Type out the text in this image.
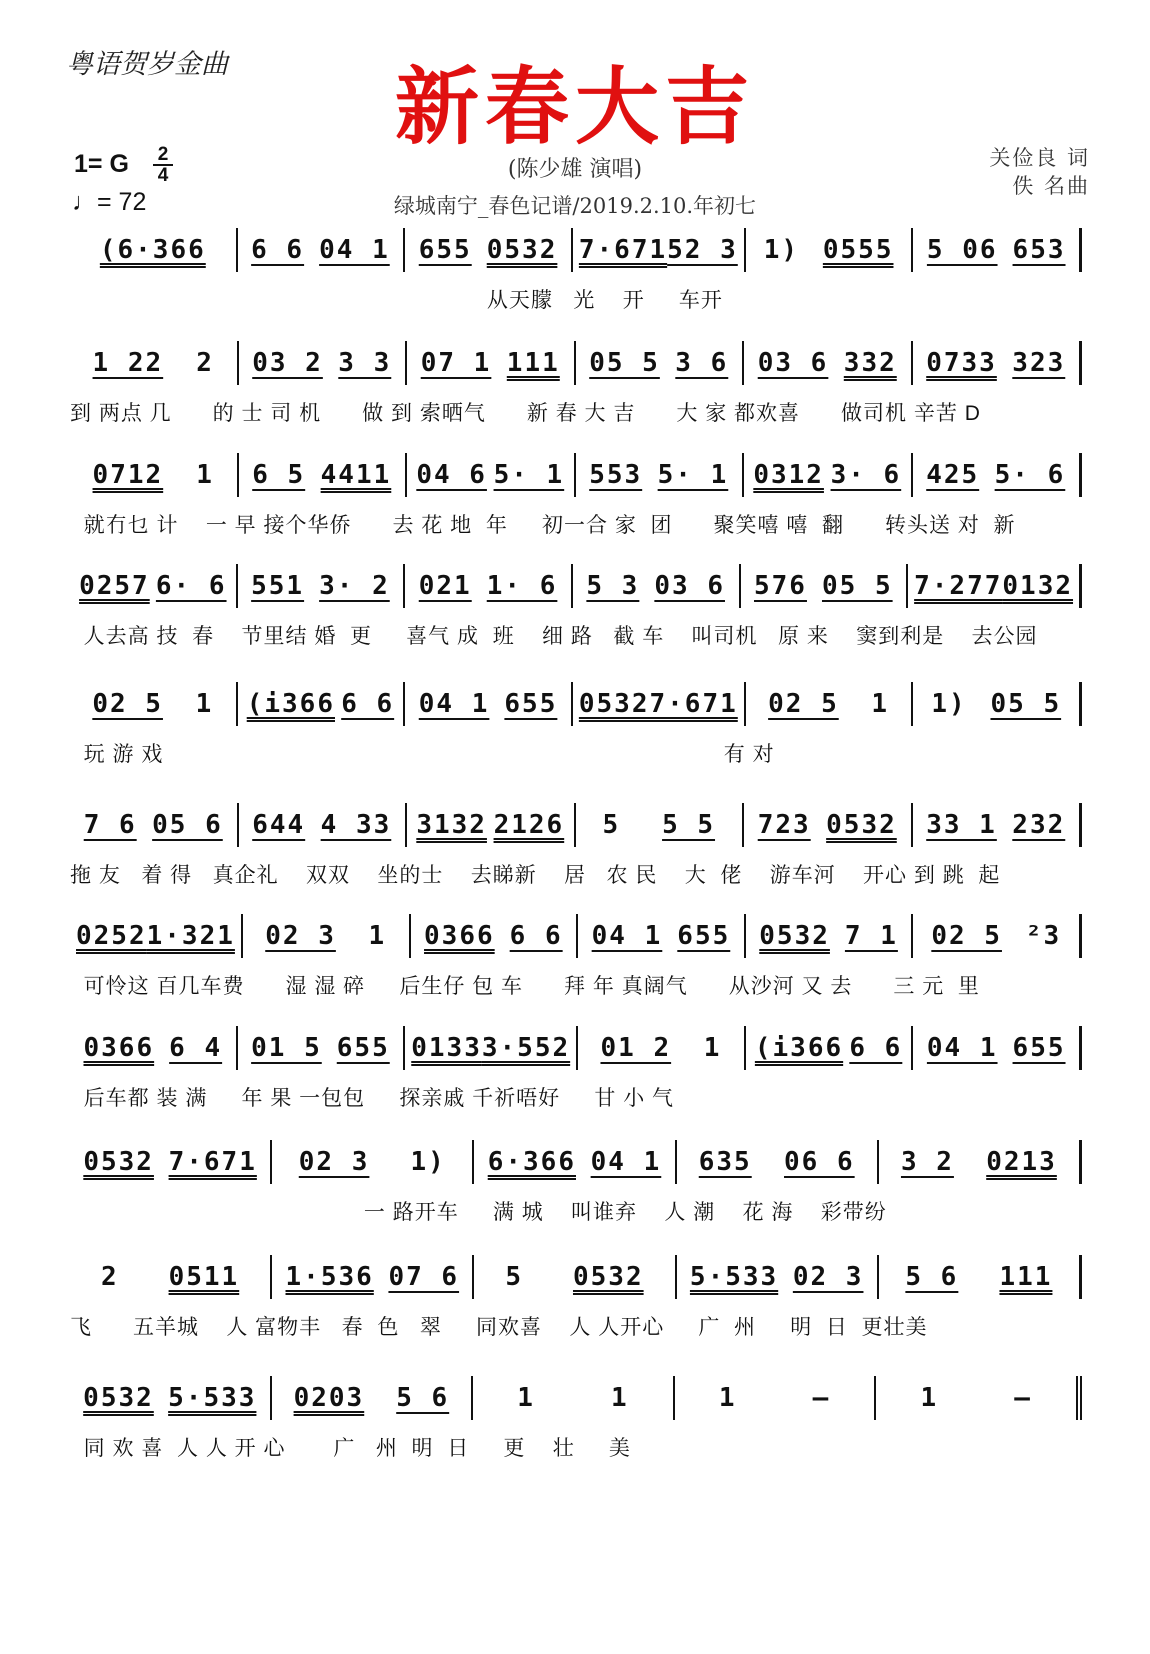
粤语贺岁金曲	新春大吉
1= G 2
4
♩= 72
(陈少雄 演唱)
绿城南宁_春色记谱/2019.2.10.年初七
关俭良 词
佚 名曲
(6·366 6 6 04 1 655 0532 7·671 52 3 1) 0555 5 06 653
从天朦   光    开     车开
1 22 2 03 2 3 3 07 1 111 05 5 3 6 03 6 332 0733 323
到 两点 几      的 士 司 机      做 到 索晒气      新 春 大 吉      大 家 都欢喜      做司机 辛苦 D
0712 1 6 5 4411 04 6 5· 1 553 5· 1 0312 3· 6 425 5· 6
就冇乜 计    一 早 接个华侨      去 花 地  年     初一合 家  团      聚笑嘻 嘻  翻      转头送 对  新
0257 6· 6 551 3· 2 021 1· 6 5 3 03 6 576 05 5 7·277 0132
人去高 技  春    节里结 婚  更     喜气 成  班    细 路   截 车    叫司机   原 来    窦到利是    去公园
02 5 1 (i366 6 6 04 1 655 0532 7·671 02 5 1 1) 05 5
玩 游 戏                                                                                  有 对
7 6 05 6 644 4 33 3132 2126 5 5 5 723 0532 33 1 232
拖 友   着 得   真企礼    双双    坐的士    去睇新    居   农 民    大  佬    游车河    开心 到 跳  起
0252 1·321 02 3 1 0366 6 6 04 1 655 0532 7 1 02 5 ²3
可怜这 百几车费      湿 湿 碎     后生仔 包 车      拜 年 真阔气      从沙河 又 去      三 元  里
0366 6 4 01 5 655 0133 3·552 01 2 1 (i366 6 6 04 1 655
后车都 装 满     年 果 一包包     探亲戚 千祈唔好     甘 小 气
0532 7·671 02 3 1) 6·366 04 1 635 06 6 3 2 0213
一 路开车     满 城    叫谁弃    人 潮    花 海    彩带纷
2 0511 1·536 07 6 5 0532 5·533 02 3 5 6 111
飞      五羊城    人 富物丰   春  色   翠     同欢喜    人 人开心     广  州     明  日  更壮美
0532 5·533 0203 5 6	1	1	1	–	1	–
同 欢 喜  人 人 开 心       广   州  明  日     更    壮     美
